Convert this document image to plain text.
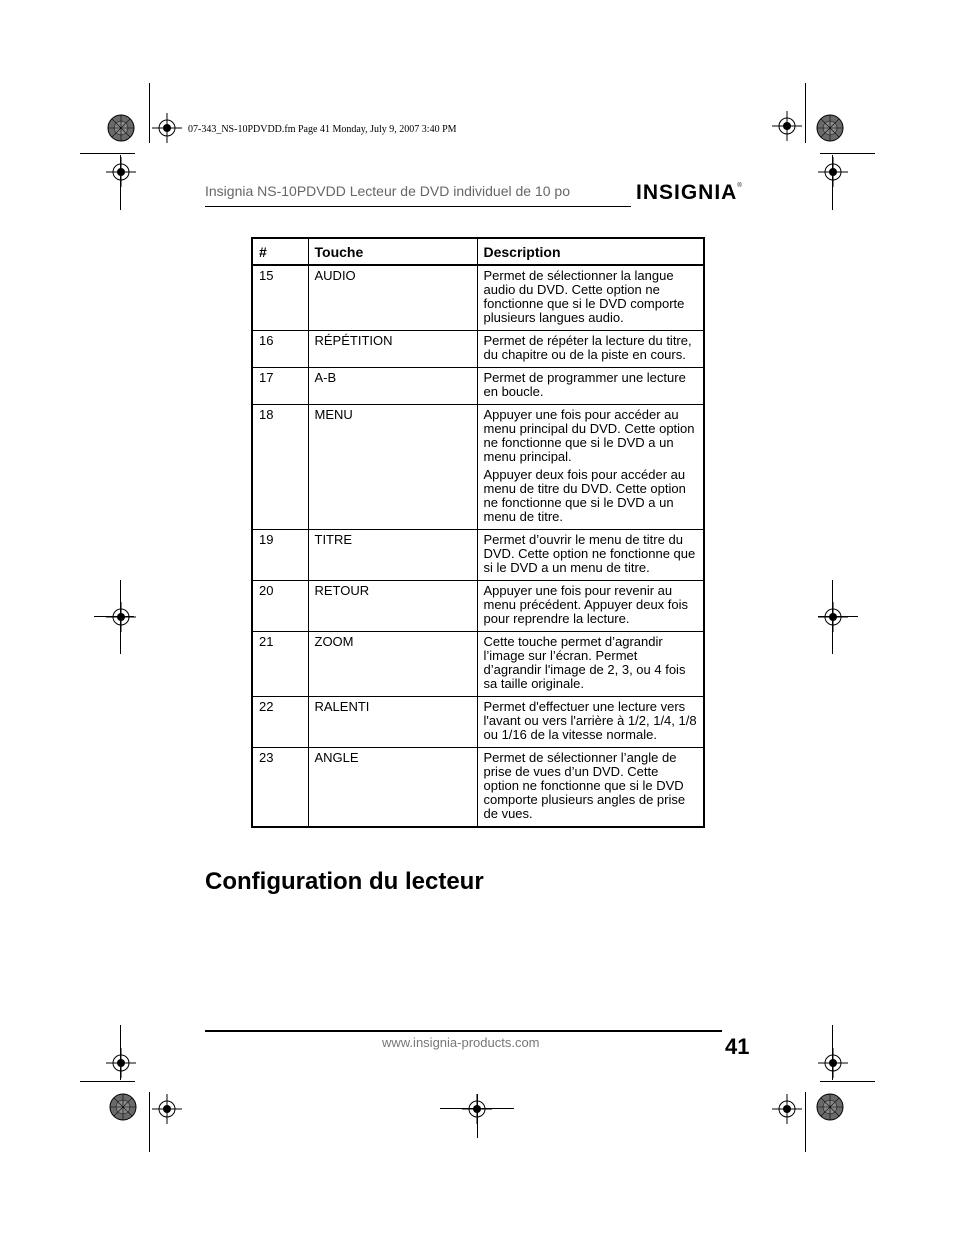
07-343_NS-10PDVDD.fm Page 41 Monday, July 9, 2007 3:40 PM
Insignia NS-10PDVDD Lecteur de DVD individuel de 10 po	INSIGNIA®
#	Touche	Description
15	AUDIO	Permet de sélectionner la langue audio du DVD. Cette option ne fonctionne que si le DVD comporte plusieurs langues audio.

16	RÉPÉTITION	Permet de répéter la lecture du titre, du chapitre ou de la piste en cours.

17	A-B	Permet de programmer une lecture en boucle.

18	MENU	Appuyer une fois pour accéder au menu principal du DVD. Cette option ne fonctionne que si le DVD a un menu principal.

Appuyer deux fois pour accéder au menu de titre du DVD. Cette option ne fonctionne que si le DVD a un menu de titre.

19	TITRE	Permet d’ouvrir le menu de titre du DVD. Cette option ne fonctionne que si le DVD a un menu de titre.

20	RETOUR	Appuyer une fois pour revenir au menu précédent. Appuyer deux fois pour reprendre la lecture.

21	ZOOM	Cette touche permet d’agrandir l’image sur l’écran. Permet d’agrandir l'image de 2, 3, ou 4 fois sa taille originale.

22	RALENTI	Permet d'effectuer une lecture vers l'avant ou vers l'arrière à 1/2, 1/4, 1/8 ou 1/16 de la vitesse normale.

23	ANGLE	Permet de sélectionner l’angle de prise de vues d’un DVD. Cette option ne fonctionne que si le DVD comporte plusieurs angles de prise de vues.

Configuration du lecteur
www.insignia-products.com	41
